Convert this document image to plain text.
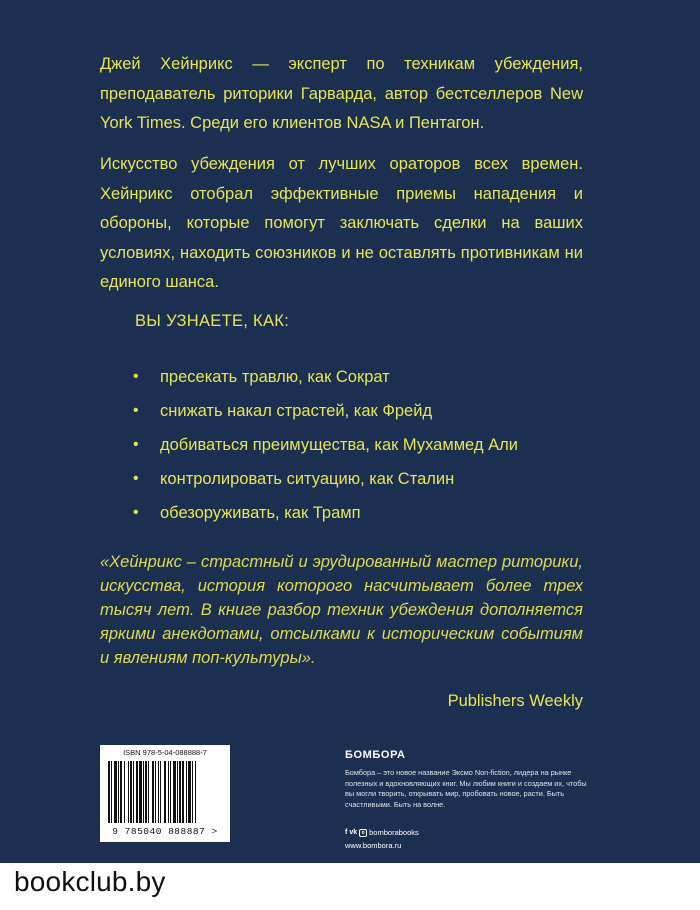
Джей Хейнрикс — эксперт по техникам убеждения, преподаватель риторики Гарварда, автор бестселлеров New York Times. Среди его клиентов NASA и Пентагон.

Искусство убеждения от лучших ораторов всех времен. Хейнрикс отобрал эффективные приемы нападения и обороны, которые помогут заключать сделки на ваших условиях, находить союзников и не оставлять противникам ни единого шанса.

ВЫ УЗНАЕТЕ, КАК:
• пресекать травлю, как Сократ
• снижать накал страстей, как Фрейд
• добиваться преимущества, как Мухаммед Али
• контролировать ситуацию, как Сталин
• обезоруживать, как Трамп

«Хейнрикс – страстный и эрудированный мастер риторики, искусства, история которого насчитывает более трех тысяч лет. В книге разбор техник убеждения дополняется яркими анекдотами, отсылками к историческим событиям и явлениям поп-культуры».

Publishers Weekly
ISBN 978-5-04-088888-7
9 785040 888887 >
БОМБОРА

Бомбора – это новое название Эксмо Non-fiction, лидера на рынке полезных и вдохновляющих книг. Мы любим книги и создаем их, чтобы вы могли творить, открывать мир, пробовать новое, расти. Быть счастливыми. Быть на волне.

f vk o bomborabooks
www.bombora.ru
bookclub.by
